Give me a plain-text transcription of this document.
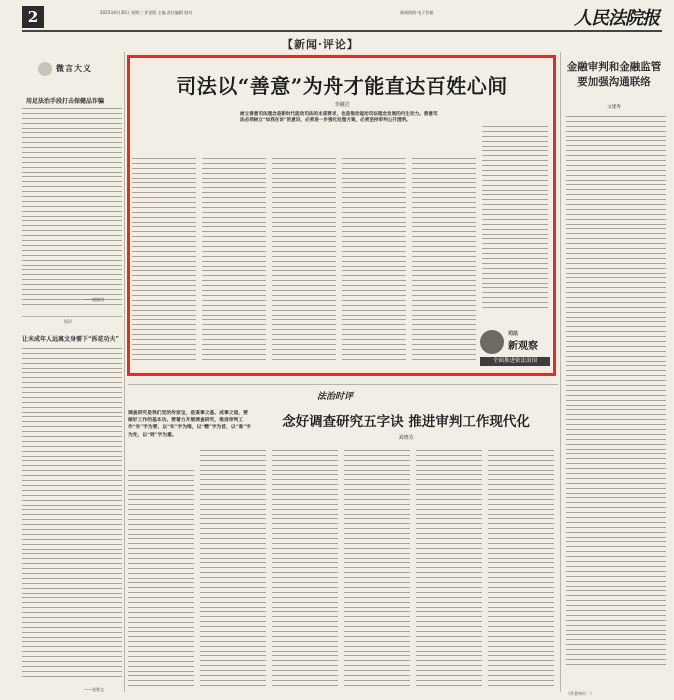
2	2025年6月30日 星期三 评论版 主编 责任编辑 校对	新闻热线 电子信箱	人民法院报
【新闻·评论】
微言大义
用足法治手段打击保健品诈骗
——谢晓玥
短评
让未成年人远离文身需下“拆花功夫”
——张智文
司法以“善意”为舟才能直达百姓心间
李融岩
树立善意司法理念是新时代能动司法的本质要求，也是推动能动司法理念发展的内生动力。善意司法必须树立“如我在诉”的意识，必须进一步强化处理方案，必须坚持审判公开透明。
司法
新观察
全面推进依法治国
金融审判和金融监管要加强沟通联络
文建秀
（作者单位：）
法治时评
调查研究是我们党的传家宝，是谋事之基、成事之道，要做好工作的基本功。要着力开展调查研究，推进审判工作“实”字为要、以“实”字为唯，以“精”字为首，以“准”字为先，以“效”字为重。
念好调查研究五字诀 推进审判工作现代化
刘晓芬
